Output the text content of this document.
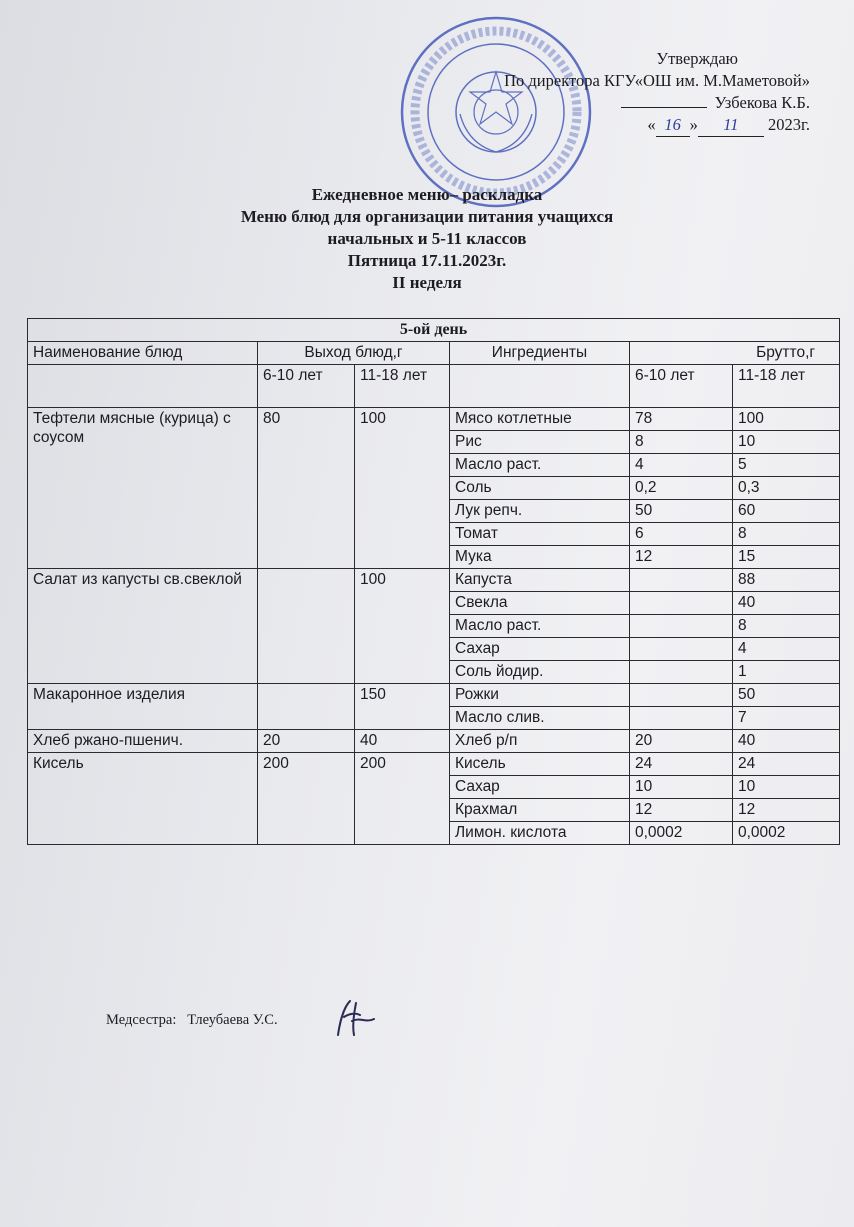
Утверждаю
По директора КГУ«ОШ им. М.Маметовой»
Узбекова К.Б.
« 16 » 11 2023г.
Ежедневное меню– раскладка
Меню блюд для организации питания учащихся
начальных и 5-11 классов
Пятница 17.11.2023г.
II неделя
5-ой день					
Наименование блюд	Выход блюд,г		Ингредиенты	Брутто,г	
	6-10 лет	11-18 лет		6-10 лет	11-18 лет
Тефтели мясные (курица) с соусом	80	100	Мясо котлетные	78	100
			Рис	8	10
			Масло раст.	4	5
			Соль	0,2	0,3
			Лук репч.	50	60
			Томат	6	8
			Мука	12	15
Салат из капусты св.свеклой		100	Капуста		88
			Свекла		40
			Масло раст.		8
			Сахар		4
			Соль йодир.		1
Макаронное изделия		150	Рожки		50
			Масло слив.		7
Хлеб ржано-пшенич.	20	40	Хлеб р/п	20	40
Кисель	200	200	Кисель	24	24
			Сахар	10	10
			Крахмал	12	12
			Лимон. кислота	0,0002	0,0002
Медсестра: Тлеубаева У.С.
